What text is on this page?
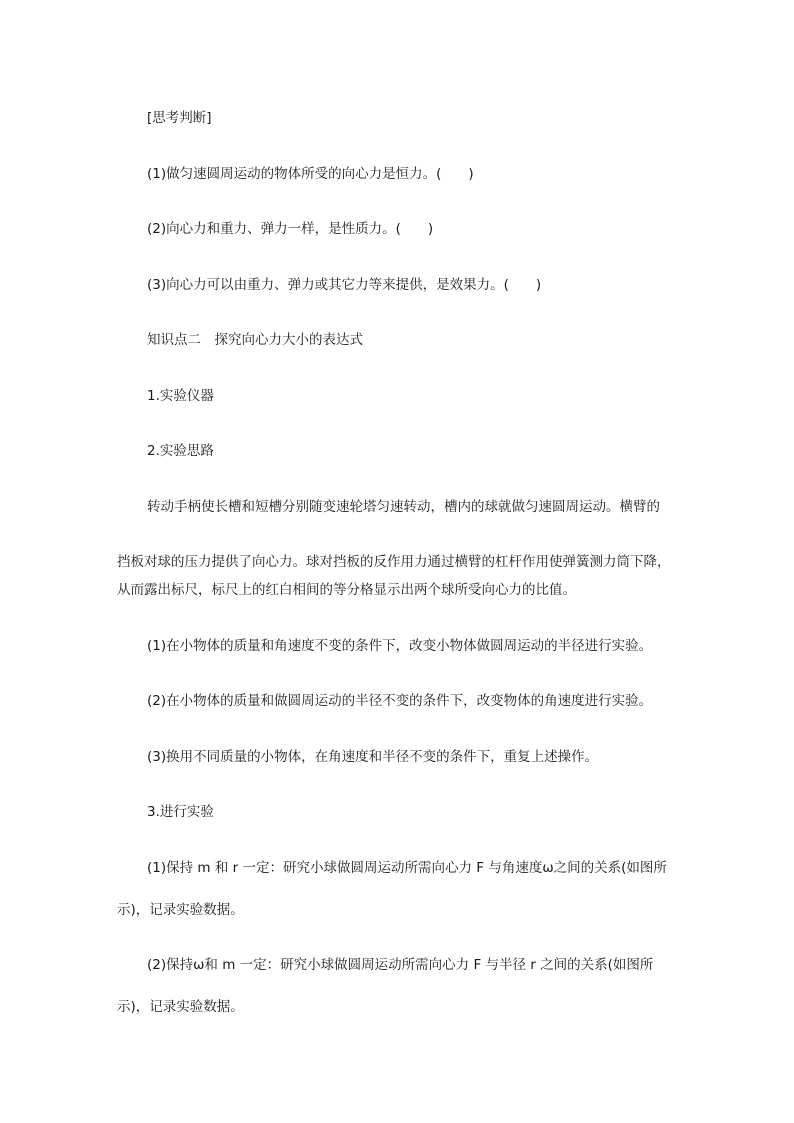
[思考判断]
(1)做匀速圆周运动的物体所受的向心力是恒力。(　　)
(2)向心力和重力、弹力一样，是性质力。(　　)
(3)向心力可以由重力、弹力或其它力等来提供，是效果力。(　　)
知识点二　探究向心力大小的表达式
1.实验仪器
2.实验思路
转动手柄使长槽和短槽分别随变速轮塔匀速转动，槽内的球就做匀速圆周运动。横臂的
挡板对球的压力提供了向心力。球对挡板的反作用力通过横臂的杠杆作用使弹簧测力筒下降，
从而露出标尺，标尺上的红白相间的等分格显示出两个球所受向心力的比值。
(1)在小物体的质量和角速度不变的条件下，改变小物体做圆周运动的半径进行实验。
(2)在小物体的质量和做圆周运动的半径不变的条件下，改变物体的角速度进行实验。
(3)换用不同质量的小物体，在角速度和半径不变的条件下，重复上述操作。
3.进行实验
(1)保持 m 和 r 一定：研究小球做圆周运动所需向心力 F 与角速度ω之间的关系(如图所
示)，记录实验数据。
(2)保持ω和 m 一定：研究小球做圆周运动所需向心力 F 与半径 r 之间的关系(如图所
示)，记录实验数据。
